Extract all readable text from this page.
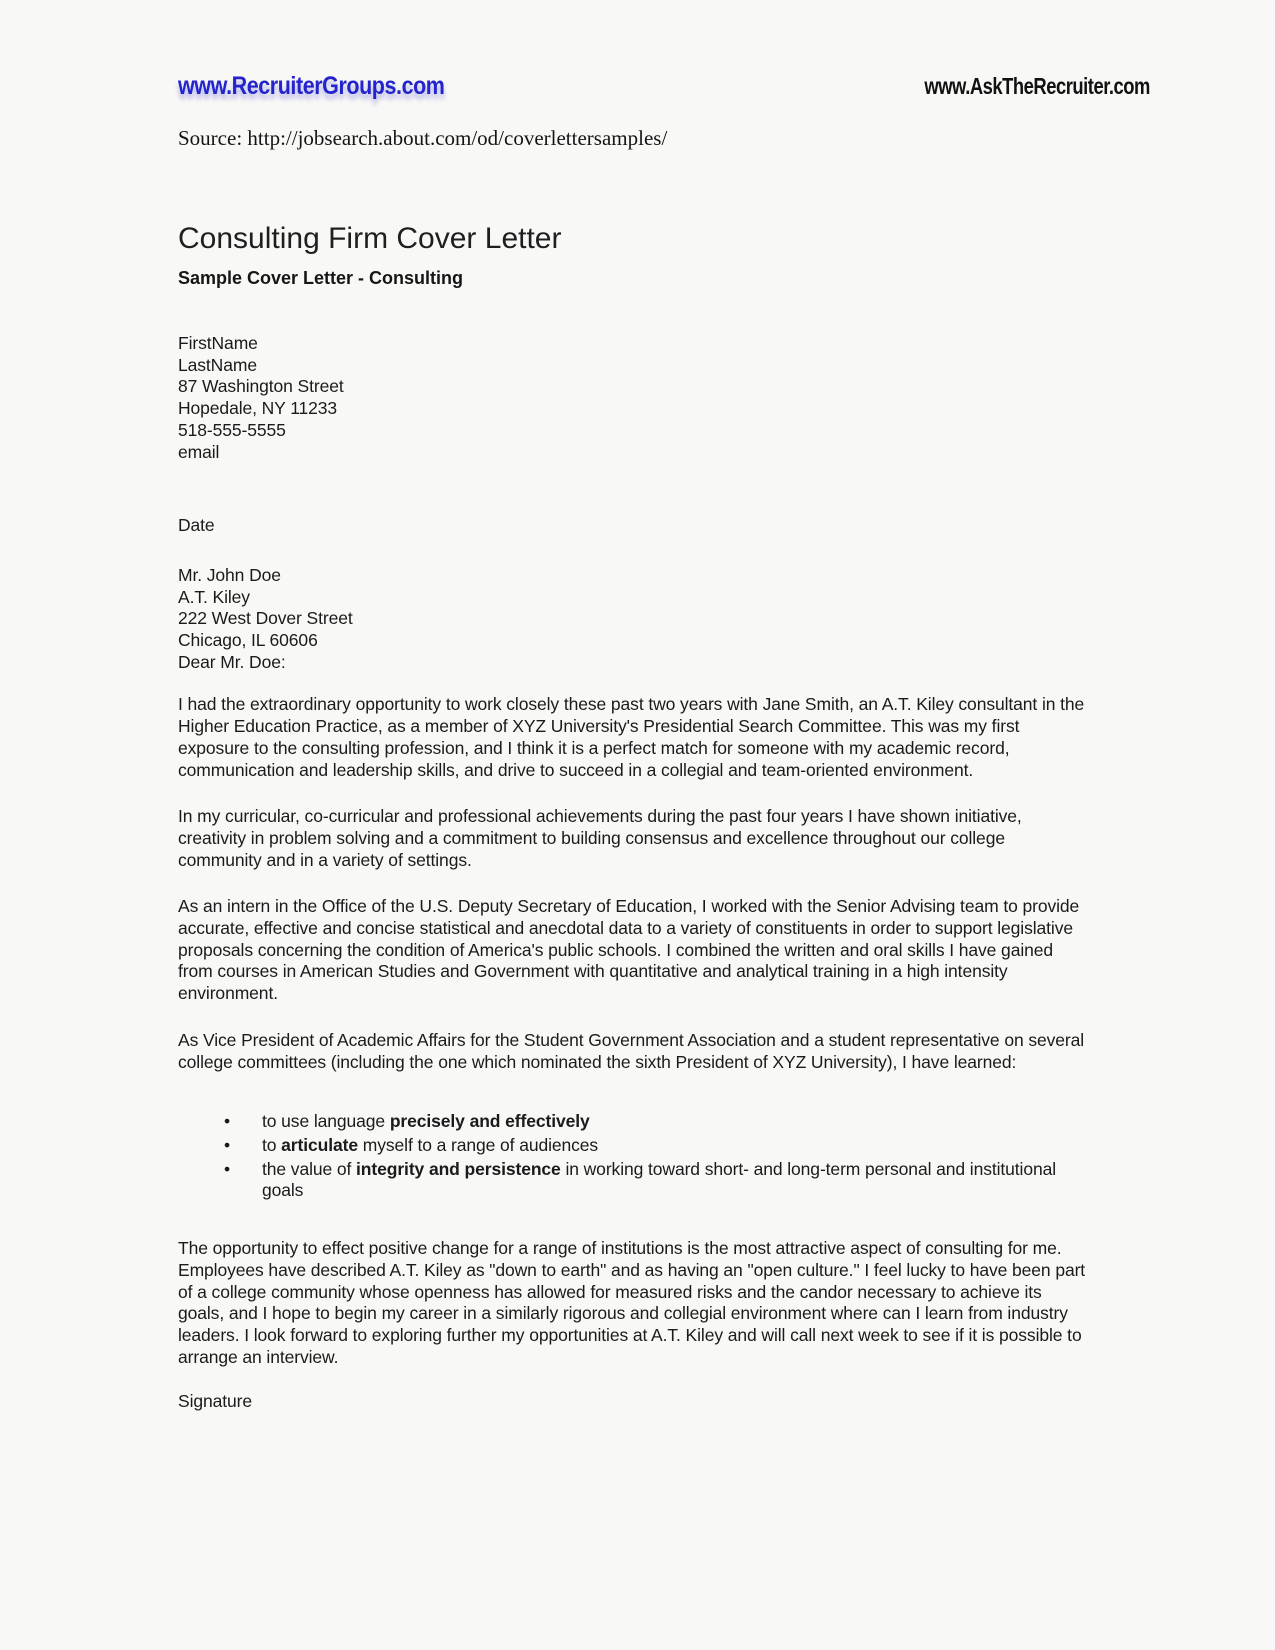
www.RecruiterGroups.com	www.AskTheRecruiter.com
Source: http://jobsearch.about.com/od/coverlettersamples/
Consulting Firm Cover Letter
Sample Cover Letter - Consulting
FirstName
LastName
87 Washington Street
Hopedale, NY 11233
518-555-5555
email
Date
Mr. John Doe
A.T. Kiley
222 West Dover Street
Chicago, IL 60606
Dear Mr. Doe:
I had the extraordinary opportunity to work closely these past two years with Jane Smith, an A.T. Kiley consultant in the Higher Education Practice, as a member of XYZ University's Presidential Search Committee. This was my first exposure to the consulting profession, and I think it is a perfect match for someone with my academic record, communication and leadership skills, and drive to succeed in a collegial and team-oriented environment.
In my curricular, co-curricular and professional achievements during the past four years I have shown initiative, creativity in problem solving and a commitment to building consensus and excellence throughout our college community and in a variety of settings.
As an intern in the Office of the U.S. Deputy Secretary of Education, I worked with the Senior Advising team to provide accurate, effective and concise statistical and anecdotal data to a variety of constituents in order to support legislative proposals concerning the condition of America's public schools. I combined the written and oral skills I have gained from courses in American Studies and Government with quantitative and analytical training in a high intensity environment.
As Vice President of Academic Affairs for the Student Government Association and a student representative on several college committees (including the one which nominated the sixth President of XYZ University), I have learned:
• to use language precisely and effectively
• to articulate myself to a range of audiences
• the value of integrity and persistence in working toward short- and long-term personal and institutional goals
The opportunity to effect positive change for a range of institutions is the most attractive aspect of consulting for me. Employees have described A.T. Kiley as "down to earth" and as having an "open culture." I feel lucky to have been part of a college community whose openness has allowed for measured risks and the candor necessary to achieve its goals, and I hope to begin my career in a similarly rigorous and collegial environment where can I learn from industry leaders. I look forward to exploring further my opportunities at A.T. Kiley and will call next week to see if it is possible to arrange an interview.
Signature
